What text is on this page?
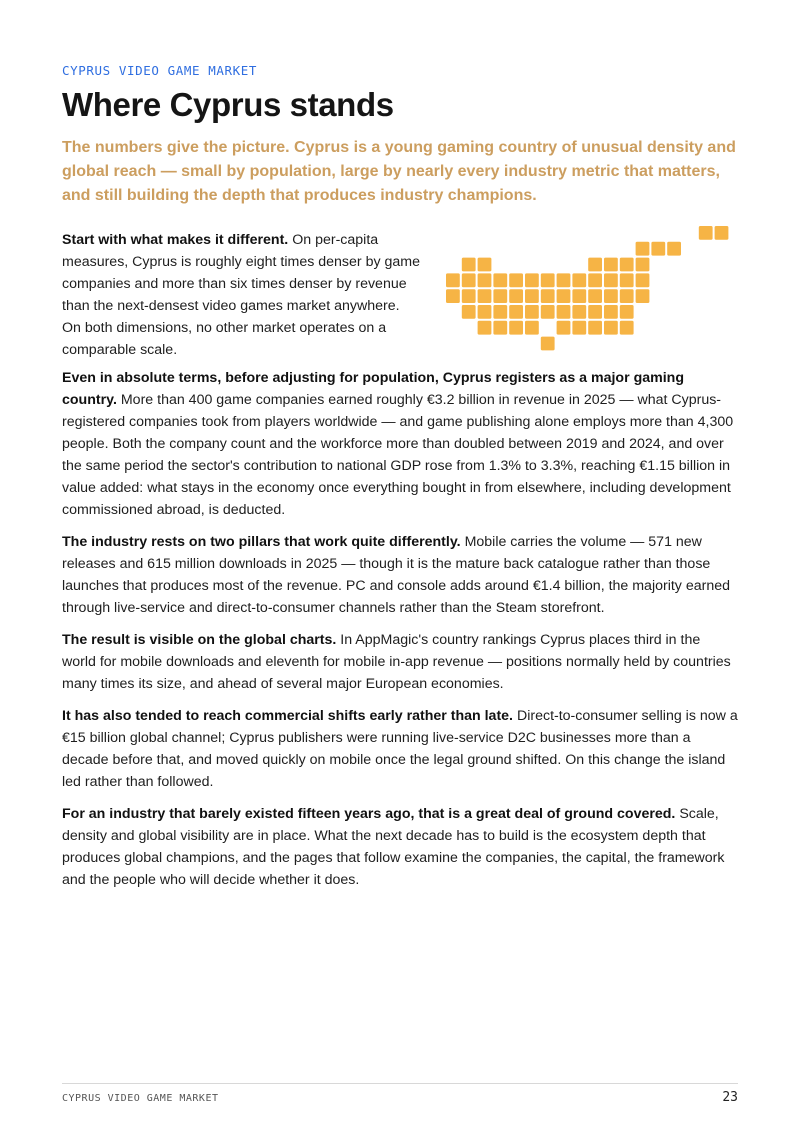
CYPRUS VIDEO GAME MARKET
Where Cyprus stands

The numbers give the picture. Cyprus is a young gaming country of unusual density and global reach — small by population, large by nearly every industry metric that matters, and still building the depth that produces industry champions.

Start with what makes it different. On per-capita measures, Cyprus is roughly eight times denser by game companies and more than six times denser by revenue than the next-densest video games market anywhere. On both dimensions, no other market operates on a comparable scale.

Even in absolute terms, before adjusting for population, Cyprus registers as a major gaming country. More than 400 game companies earned roughly €3.2 billion in revenue in 2025 — what Cyprus-registered companies took from players worldwide — and game publishing alone employs more than 4,300 people. Both the company count and the workforce more than doubled between 2019 and 2024, and over the same period the sector's contribution to national GDP rose from 1.3% to 3.3%, reaching €1.15 billion in value added: what stays in the economy once everything bought in from elsewhere, including development commissioned abroad, is deducted.

The industry rests on two pillars that work quite differently. Mobile carries the volume — 571 new releases and 615 million downloads in 2025 — though it is the mature back catalogue rather than those launches that produces most of the revenue. PC and console adds around €1.4 billion, the majority earned through live-service and direct-to-consumer channels rather than the Steam storefront.

The result is visible on the global charts. In AppMagic's country rankings Cyprus places third in the world for mobile downloads and eleventh for mobile in-app revenue — positions normally held by countries many times its size, and ahead of several major European economies.

It has also tended to reach commercial shifts early rather than late. Direct-to-consumer selling is now a €15 billion global channel; Cyprus publishers were running live-service D2C businesses more than a decade before that, and moved quickly on mobile once the legal ground shifted. On this change the island led rather than followed.

For an industry that barely existed fifteen years ago, that is a great deal of ground covered. Scale, density and global visibility are in place. What the next decade has to build is the ecosystem depth that produces global champions, and the pages that follow examine the companies, the capital, the framework and the people who will decide whether it does.

CYPRUS VIDEO GAME MARKET	23
